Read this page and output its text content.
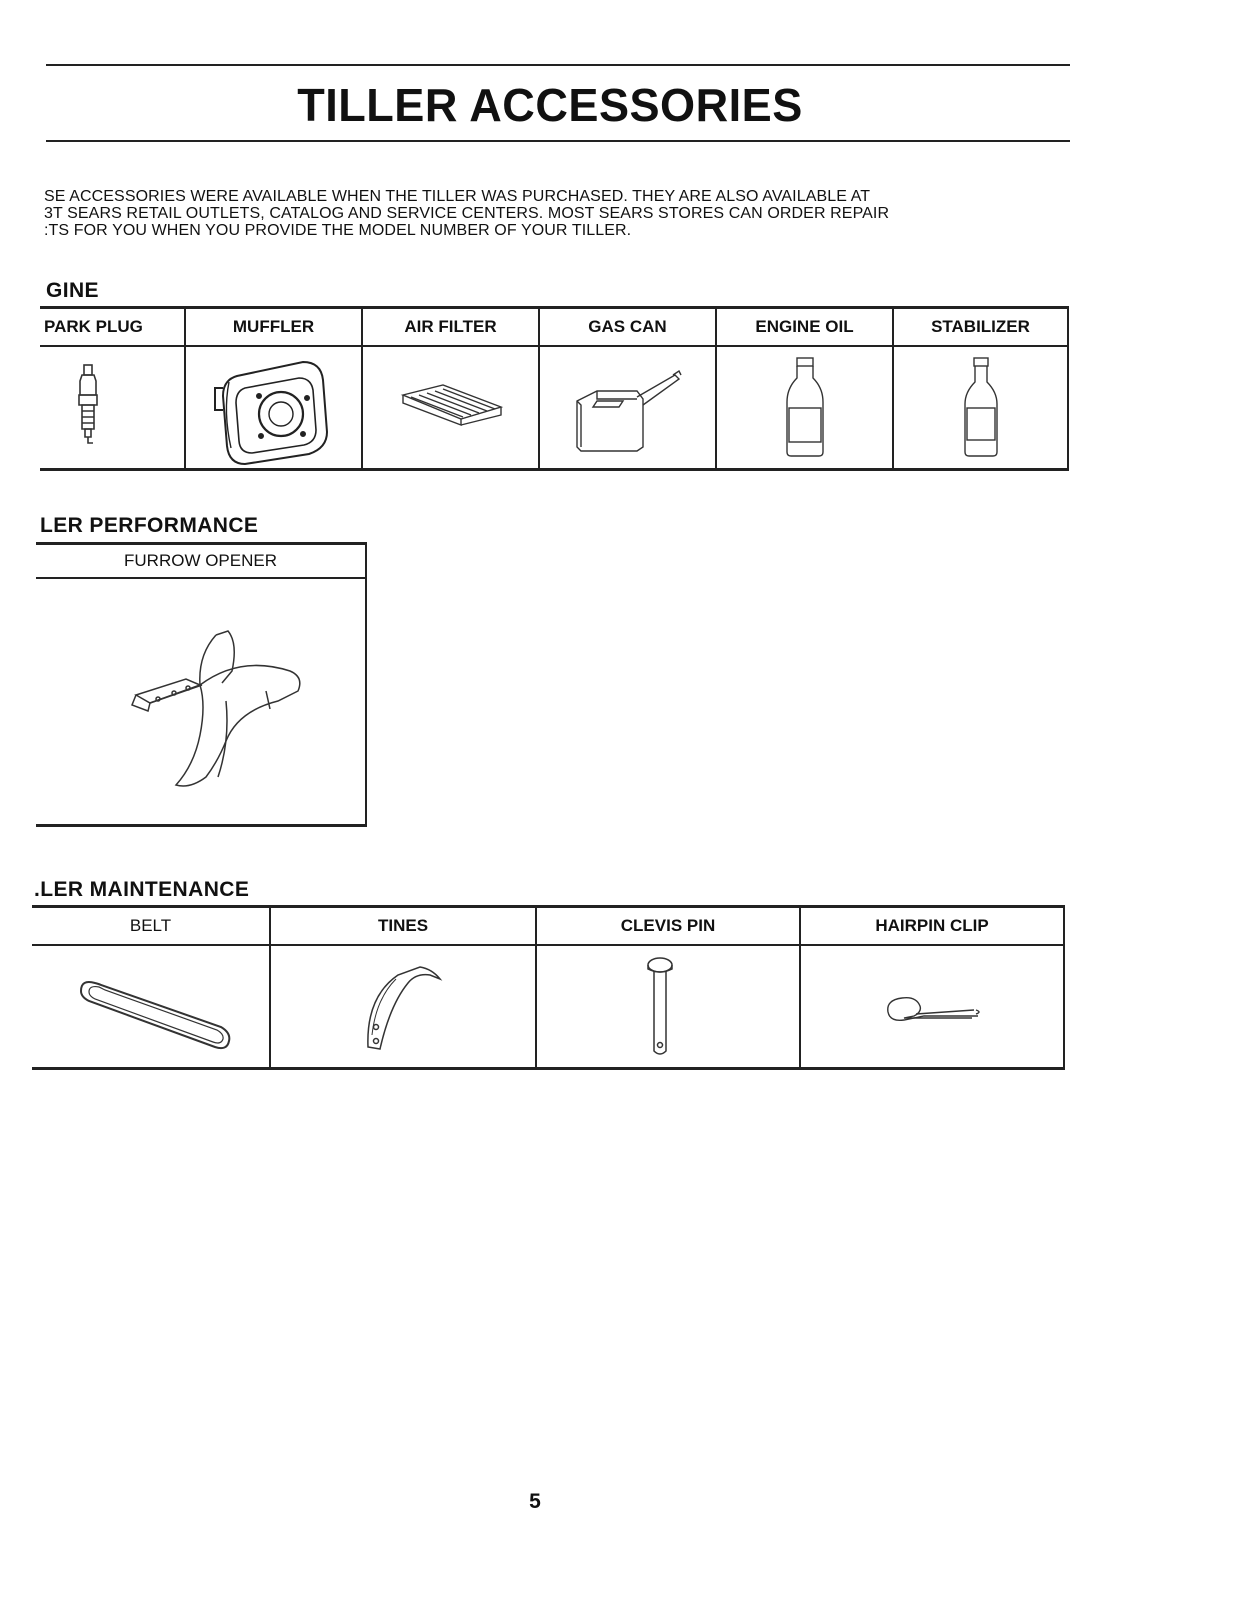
TILLER ACCESSORIES
SE ACCESSORIES WERE AVAILABLE WHEN THE TILLER WAS PURCHASED. THEY ARE ALSO AVAILABLE AT
3T SEARS RETAIL OUTLETS, CATALOG AND SERVICE CENTERS. MOST SEARS STORES CAN ORDER REPAIR
:TS FOR YOU WHEN YOU PROVIDE THE MODEL NUMBER OF YOUR TILLER.
GINE
PARK PLUG	MUFFLER	AIR FILTER	GAS CAN	ENGINE OIL	STABILIZER

LER PERFORMANCE
FURROW OPENER

.LER MAINTENANCE
BELT	TINES	CLEVIS PIN	HAIRPIN CLIP

5
